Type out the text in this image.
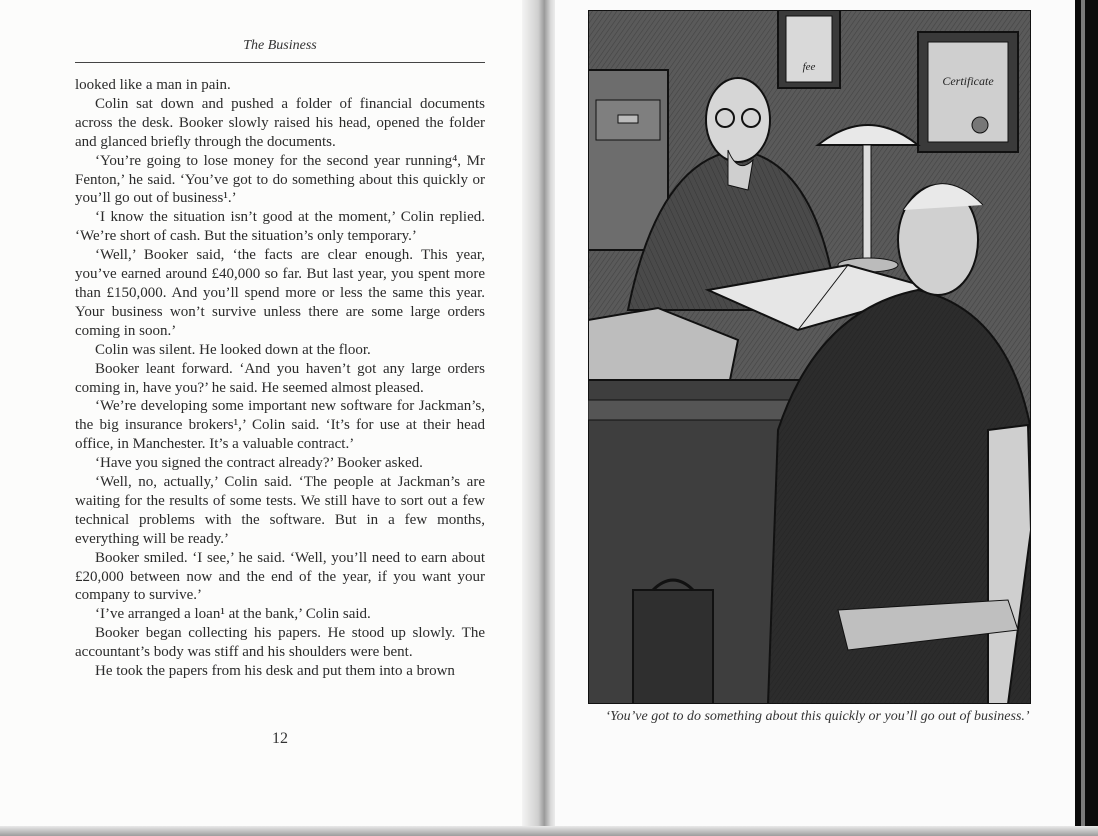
The Business

looked like a man in pain.

Colin sat down and pushed a folder of financial documents across the desk. Booker slowly raised his head, opened the folder and glanced briefly through the documents.

‘You’re going to lose money for the second year running⁴, Mr Fenton,’ he said. ‘You’ve got to do something about this quickly or you’ll go out of business¹.’

‘I know the situation isn’t good at the moment,’ Colin replied. ‘We’re short of cash. But the situation’s only temporary.’

‘Well,’ Booker said, ‘the facts are clear enough. This year, you’ve earned around £40,000 so far. But last year, you spent more than £150,000. And you’ll spend more or less the same this year. Your business won’t survive unless there are some large orders coming in soon.’

Colin was silent. He looked down at the floor.

Booker leant forward. ‘And you haven’t got any large orders coming in, have you?’ he said. He seemed almost pleased.

‘We’re developing some important new software for Jackman’s, the big insurance brokers¹,’ Colin said. ‘It’s for use at their head office, in Manchester. It’s a valuable contract.’

‘Have you signed the contract already?’ Booker asked.

‘Well, no, actually,’ Colin said. ‘The people at Jackman’s are waiting for the results of some tests. We still have to sort out a few technical problems with the software. But in a few months, everything will be ready.’

Booker smiled. ‘I see,’ he said. ‘Well, you’ll need to earn about £20,000 between now and the end of the year, if you want your company to survive.’

‘I’ve arranged a loan¹ at the bank,’ Colin said.

Booker began collecting his papers. He stood up slowly. The accountant’s body was stiff and his shoulders were bent.

He took the papers from his desk and put them into a brown

12
fee
Certificate
‘You’ve got to do something about this quickly or you’ll go out of business.’
